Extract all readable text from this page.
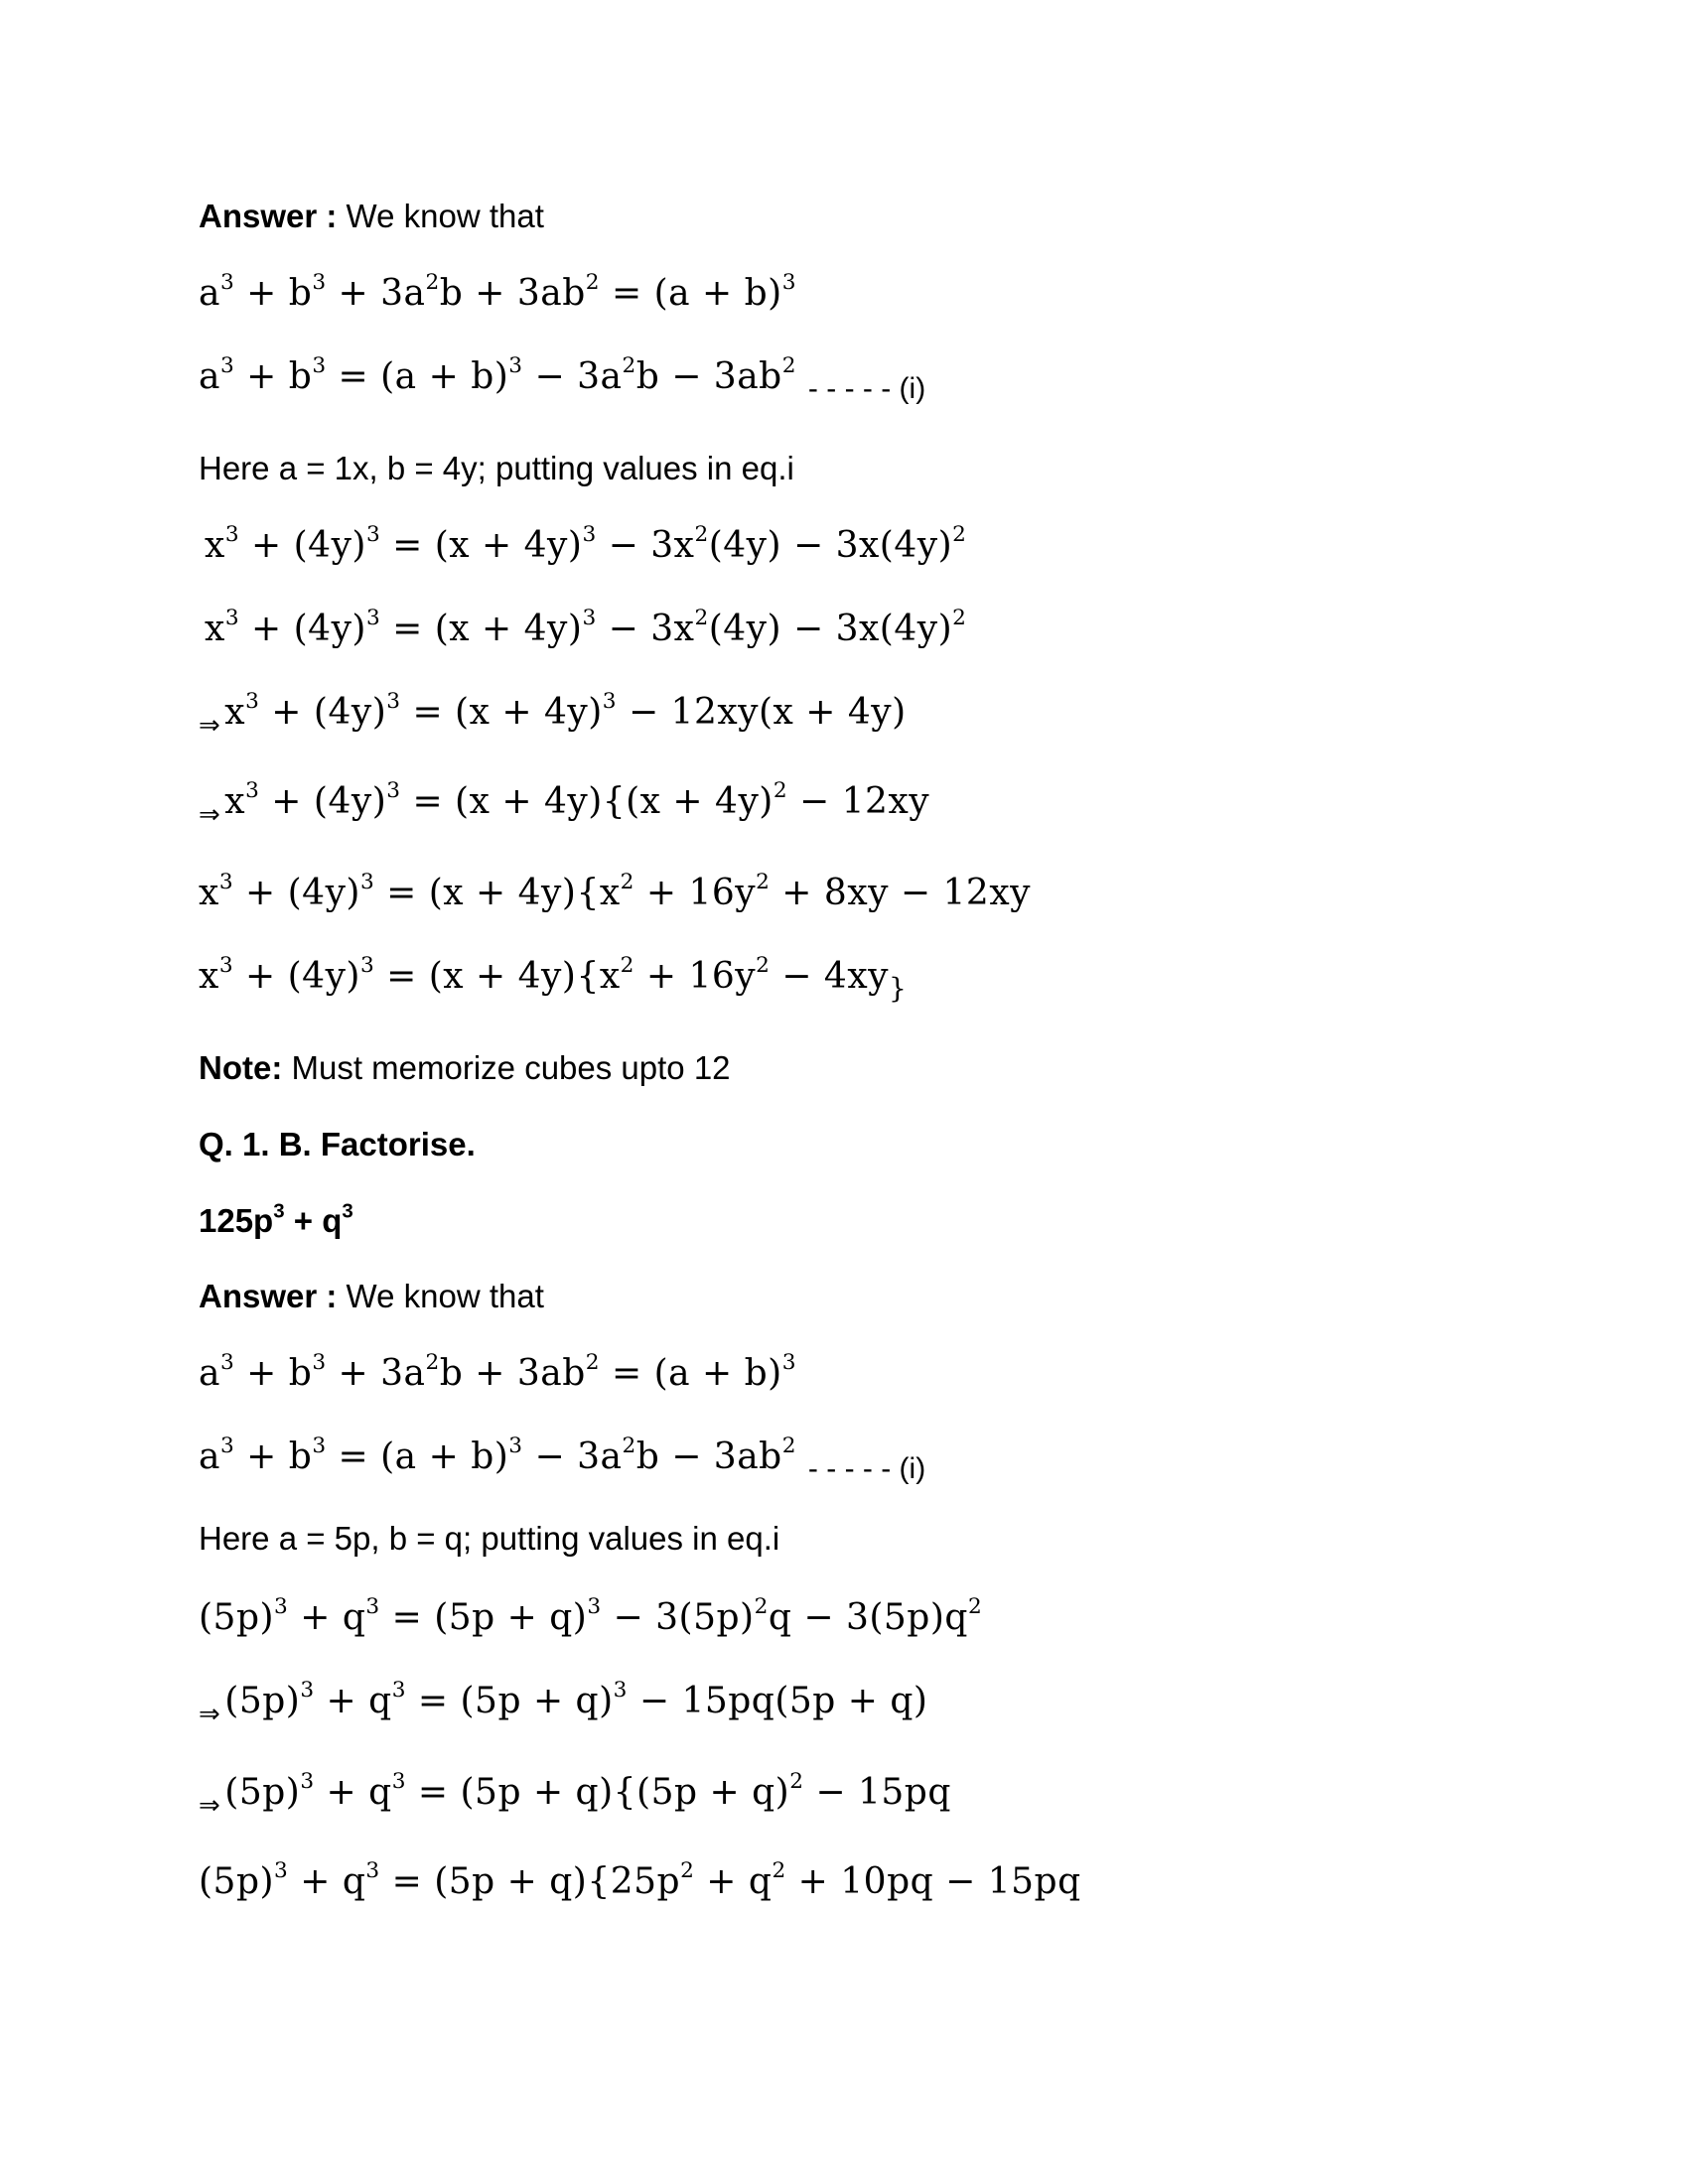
Answer : We know that
$a^3 + b^3 + 3a^2b + 3ab^2 = (a + b)^3$
$a^3 + b^3 = (a + b)^3 - 3a^2b - 3ab^2$ $_{- - - - - (i)}$
Here a = 1x, b = 4y; putting values in eq.i
$x^3 + (4y)^3 = (x + 4y)^3 - 3x^2(4y) - 3x(4y)^2$
$x^3 + (4y)^3 = (x + 4y)^3 - 3x^2(4y) - 3x(4y)^2$
⇒ $x^3 + (4y)^3 = (x + 4y)^3 - 12xy(x + 4y)$
⇒ $x^3 + (4y)^3 = (x + 4y)\{(x + 4y)^2 - 12xy$
$x^3 + (4y)^3 = (x + 4y)\{x^2 + 16y^2 + 8xy - 12xy$
$x^3 + (4y)^3 = (x + 4y)\{x^2 + 16y^2 - 4xy_{\}}$
Note: Must memorize cubes upto 12
Q. 1. B. Factorise.
$125p^3 + q^3$
Answer : We know that
$a^3 + b^3 + 3a^2b + 3ab^2 = (a + b)^3$
$a^3 + b^3 = (a + b)^3 - 3a^2b - 3ab^2$ $_{- - - - - (i)}$
Here a = 5p, b = q; putting values in eq.i
$(5p)^3 + q^3 = (5p + q)^3 - 3(5p)^2q - 3(5p)q^2$
⇒ $(5p)^3 + q^3 = (5p + q)^3 - 15pq(5p + q)$
⇒ $(5p)^3 + q^3 = (5p + q)\{(5p + q)^2 - 15pq$
$(5p)^3 + q^3 = (5p + q)\{25p^2 + q^2 + 10pq - 15pq$
